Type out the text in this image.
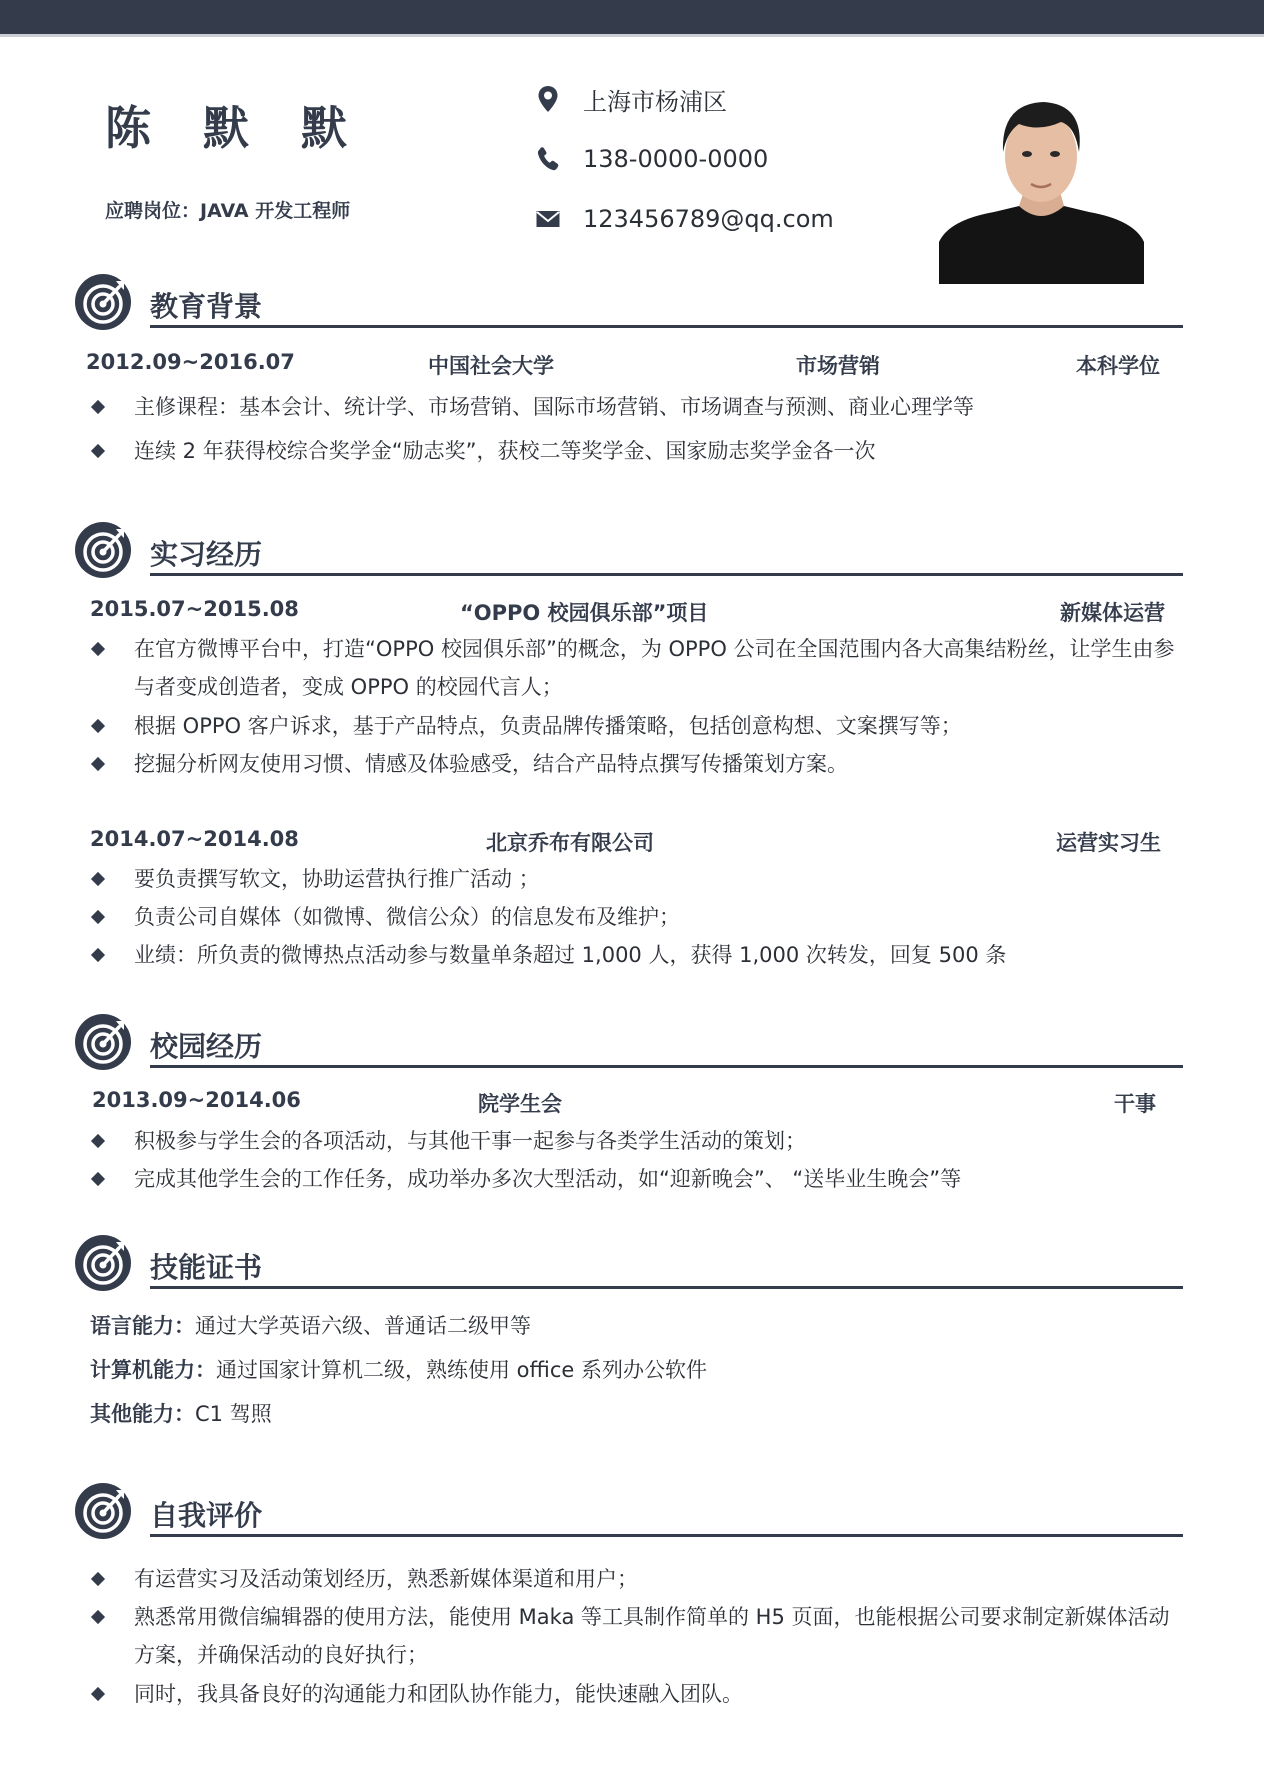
陈 默 默
应聘岗位：JAVA 开发工程师
上海市杨浦区
138-0000-0000
123456789@qq.com
教育背景
2012.09~2016.07	中国社会大学	市场营销	本科学位
主修课程：基本会计、统计学、市场营销、国际市场营销、市场调查与预测、商业心理学等
连续 2 年获得校综合奖学金“励志奖”，获校二等奖学金、国家励志奖学金各一次
实习经历
2015.07~2015.08	“OPPO 校园俱乐部”项目	新媒体运营
在官方微博平台中，打造“OPPO 校园俱乐部”的概念，为 OPPO 公司在全国范围内各大高集结粉丝，让学生由参与者变成创造者，变成 OPPO 的校园代言人；
根据 OPPO 客户诉求，基于产品特点，负责品牌传播策略，包括创意构想、文案撰写等；
挖掘分析网友使用习惯、情感及体验感受，结合产品特点撰写传播策划方案。
2014.07~2014.08	北京乔布有限公司	运营实习生
要负责撰写软文，协助运营执行推广活动 ；
负责公司自媒体（如微博、微信公众）的信息发布及维护；
业绩：所负责的微博热点活动参与数量单条超过 1,000 人，获得 1,000 次转发，回复 500 条
校园经历
2013.09~2014.06	院学生会	干事
积极参与学生会的各项活动，与其他干事一起参与各类学生活动的策划；
完成其他学生会的工作任务，成功举办多次大型活动，如“迎新晚会”、 “送毕业生晚会”等
技能证书
语言能力：通过大学英语六级、普通话二级甲等
计算机能力：通过国家计算机二级，熟练使用 office 系列办公软件
其他能力：C1 驾照
自我评价
有运营实习及活动策划经历，熟悉新媒体渠道和用户；
熟悉常用微信编辑器的使用方法，能使用 Maka 等工具制作简单的 H5 页面，也能根据公司要求制定新媒体活动方案，并确保活动的良好执行；
同时，我具备良好的沟通能力和团队协作能力，能快速融入团队。
